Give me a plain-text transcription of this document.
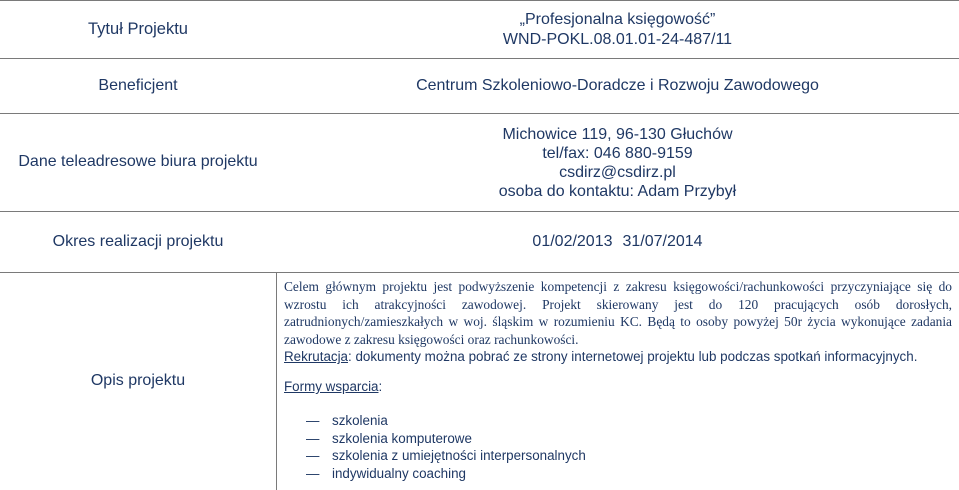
Tytuł Projektu
„Profesjonalna księgowość”
WND-POKL.08.01.01-24-487/11
Beneficjent	Centrum Szkoleniowo-Doradcze i Rozwoju Zawodowego
Dane teleadresowe biura projektu
Michowice 119, 96-130 Głuchów
tel/fax: 046 880-9159
csdirz@csdirz.pl
osoba do kontaktu: Adam Przybył
Okres realizacji projektu	01/02/2013 31/07/2014
Opis projektu

Celem głównym projektu jest podwyższenie kompetencji z zakresu księgowości/rachunkowości przyczyniające się do wzrostu ich atrakcyjności zawodowej. Projekt skierowany jest do 120 pracujących osób dorosłych, zatrudnionych/zamieszkałych w woj. śląskim w rozumieniu KC. Będą to osoby powyżej 50r życia wykonujące zadania zawodowe z zakresu księgowości oraz rachunkowości.

Rekrutacja: dokumenty można pobrać ze strony internetowej projektu lub podczas spotkań informacyjnych.

Formy wsparcia:
— szkolenia
— szkolenia komputerowe
— szkolenia z umiejętności interpersonalnych
— indywidualny coaching
